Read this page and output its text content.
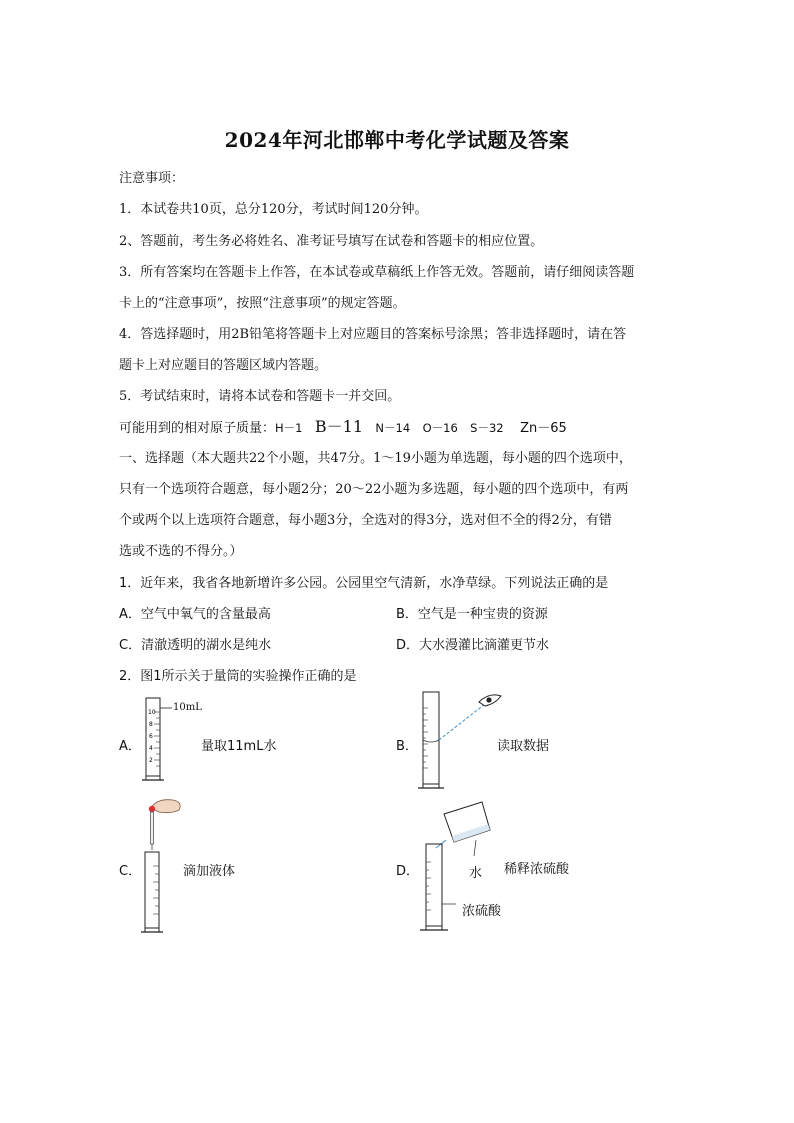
2024年河北邯郸中考化学试题及答案
注意事项：
1．本试卷共10页，总分120分，考试时间120分钟。
2、答题前，考生务必将姓名、准考证号填写在试卷和答题卡的相应位置。
3．所有答案均在答题卡上作答，在本试卷或草稿纸上作答无效。答题前，请仔细阅读答题
卡上的“注意事项”，按照“注意事项”的规定答题。
4．答选择题时，用2B铅笔将答题卡上对应题目的答案标号涂黑；答非选择题时，请在答
题卡上对应题目的答题区域内答题。
5．考试结束时，请将本试卷和答题卡一并交回。
可能用到的相对原子质量：H－1 B－11 N－14 O－16 S－32 Zn－65
一、选择题（本大题共22个小题，共47分。1～19小题为单选题，每小题的四个选项中，
只有一个选项符合题意，每小题2分；20～22小题为多选题，每小题的四个选项中，有两
个或两个以上选项符合题意，每小题3分，全选对的得3分，选对但不全的得2分，有错
选或不选的不得分。）
1．近年来，我省各地新增许多公园。公园里空气清新，水净草绿。下列说法正确的是
A．空气中氧气的含量最高	B．空气是一种宝贵的资源
C．清澈透明的湖水是纯水	D．大水漫灌比滴灌更节水
2．图1所示关于量筒的实验操作正确的是
A．
10
8
6
4
2
10mL
量取11mL水	B．	读取数据
C．	滴加液体	D．	水
浓硫酸
稀释浓硫酸
